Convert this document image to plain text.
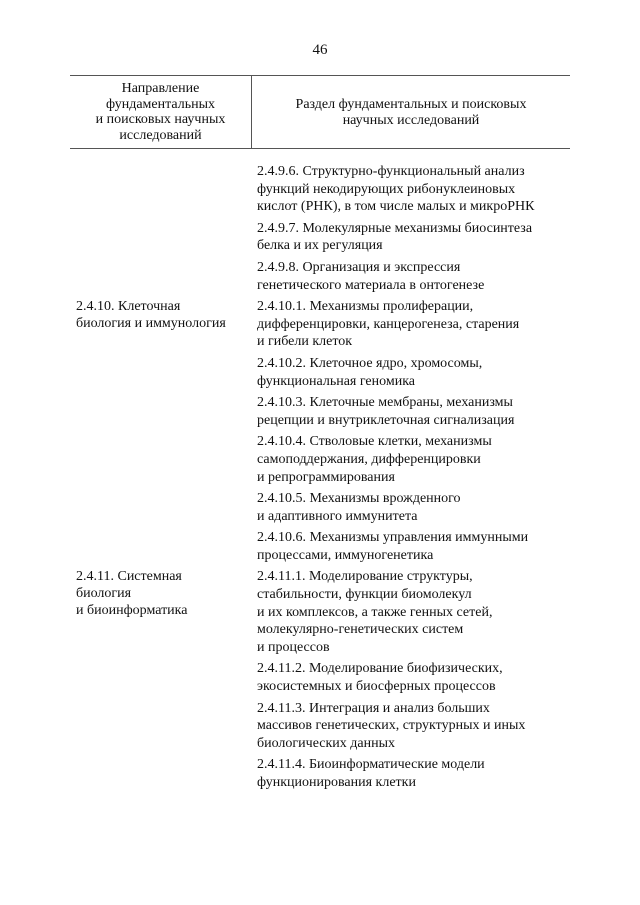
46
Направление
фундаментальных
и поисковых научных
исследований
Раздел фундаментальных и поисковых
научных исследований
2.4.9.6. Структурно-функциональный анализ
функций некодирующих рибонуклеиновых
кислот (РНК), в том числе малых и микроРНК
2.4.9.7. Молекулярные механизмы биосинтеза
белка и их регуляция
2.4.9.8. Организация и экспрессия
генетического материала в онтогенезе
2.4.10. Клеточная
биология и иммунология
2.4.10.1. Механизмы пролиферации,
дифференцировки, канцерогенеза, старения
и гибели клеток
2.4.10.2. Клеточное ядро, хромосомы,
функциональная геномика
2.4.10.3. Клеточные мембраны, механизмы
рецепции и внутриклеточная сигнализация
2.4.10.4. Стволовые клетки, механизмы
самоподдержания, дифференцировки
и репрограммирования
2.4.10.5. Механизмы врожденного
и адаптивного иммунитета
2.4.10.6. Механизмы управления иммунными
процессами, иммуногенетика
2.4.11. Системная
биология
и биоинформатика
2.4.11.1. Моделирование структуры,
стабильности, функции биомолекул
и их комплексов, а также генных сетей,
молекулярно-генетических систем
и процессов
2.4.11.2. Моделирование биофизических,
экосистемных и биосферных процессов
2.4.11.3. Интеграция и анализ больших
массивов генетических, структурных и иных
биологических данных
2.4.11.4. Биоинформатические модели
функционирования клетки
